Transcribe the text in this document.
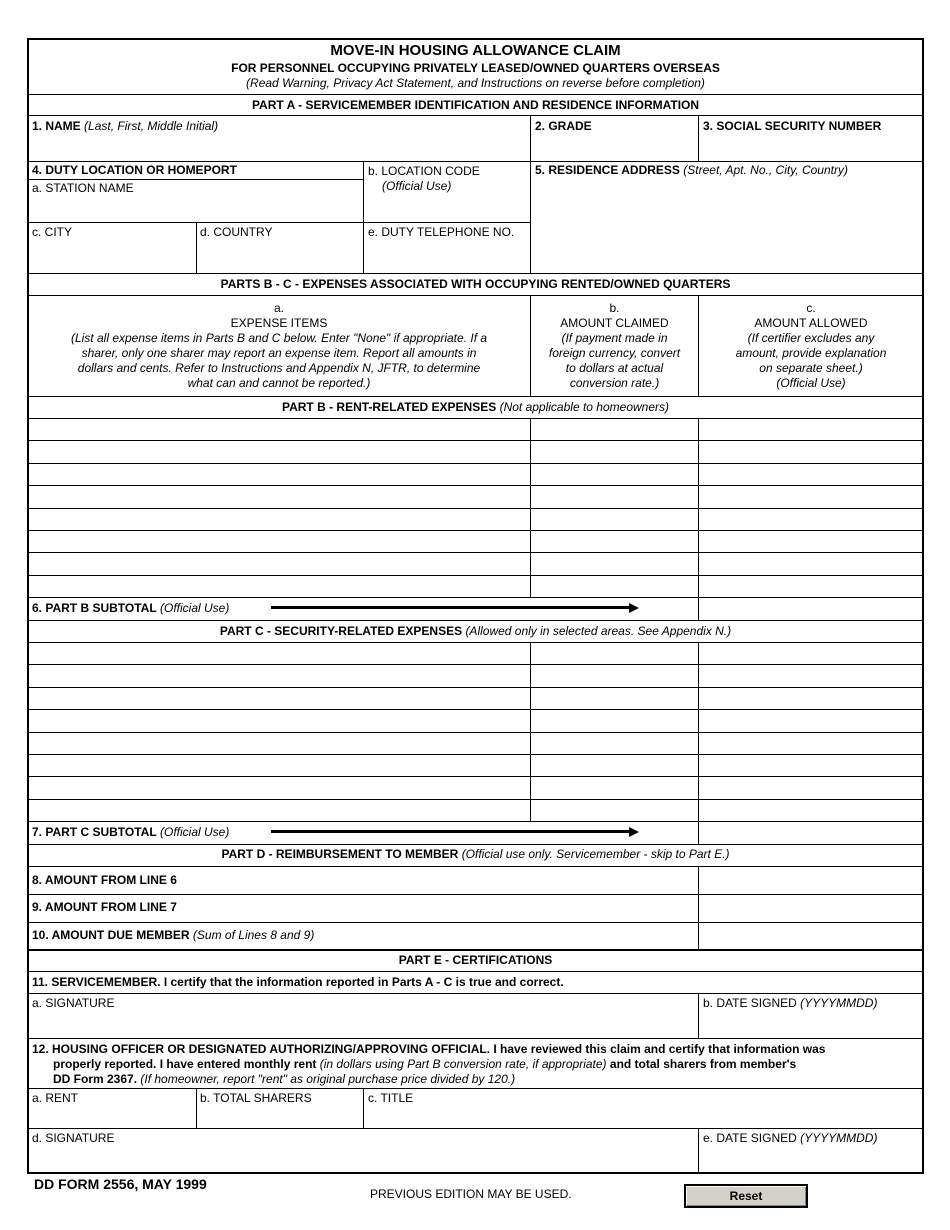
MOVE-IN HOUSING ALLOWANCE CLAIM
FOR PERSONNEL OCCUPYING PRIVATELY LEASED/OWNED QUARTERS OVERSEAS
(Read Warning, Privacy Act Statement, and Instructions on reverse before completion)
PART A - SERVICEMEMBER IDENTIFICATION AND RESIDENCE INFORMATION
1. NAME (Last, First, Middle Initial)	2. GRADE	3. SOCIAL SECURITY NUMBER
4. DUTY LOCATION OR HOMEPORT
a. STATION NAME
b. LOCATION CODE
(Official Use)
5. RESIDENCE ADDRESS (Street, Apt. No., City, Country)
c. CITY	d. COUNTRY	e. DUTY TELEPHONE NO.
PARTS B - C - EXPENSES ASSOCIATED WITH OCCUPYING RENTED/OWNED QUARTERS
a.
EXPENSE ITEMS
(List all expense items in Parts B and C below. Enter "None" if appropriate. If a
sharer, only one sharer may report an expense item. Report all amounts in
dollars and cents. Refer to Instructions and Appendix N, JFTR, to determine
what can and cannot be reported.)
b.
AMOUNT CLAIMED
(If payment made in
foreign currency, convert
to dollars at actual
conversion rate.)
c.
AMOUNT ALLOWED
(If certifier excludes any
amount, provide explanation
on separate sheet.)
(Official Use)
PART B - RENT-RELATED EXPENSES (Not applicable to homeowners)
6. PART B SUBTOTAL (Official Use)
PART C - SECURITY-RELATED EXPENSES (Allowed only in selected areas. See Appendix N.)
7. PART C SUBTOTAL (Official Use)
PART D - REIMBURSEMENT TO MEMBER (Official use only. Servicemember - skip to Part E.)
8. AMOUNT FROM LINE 6
9. AMOUNT FROM LINE 7
10. AMOUNT DUE MEMBER (Sum of Lines 8 and 9)
PART E - CERTIFICATIONS
11. SERVICEMEMBER. I certify that the information reported in Parts A - C is true and correct.
a. SIGNATURE	b. DATE SIGNED (YYYYMMDD)
12. HOUSING OFFICER OR DESIGNATED AUTHORIZING/APPROVING OFFICIAL. I have reviewed this claim and certify that information was
properly reported. I have entered monthly rent (in dollars using Part B conversion rate, if appropriate) and total sharers from member's
DD Form 2367. (If homeowner, report "rent" as original purchase price divided by 120.)
a. RENT	b. TOTAL SHARERS	c. TITLE
d. SIGNATURE	e. DATE SIGNED (YYYYMMDD)
DD FORM 2556, MAY 1999
PREVIOUS EDITION MAY BE USED.	Reset
